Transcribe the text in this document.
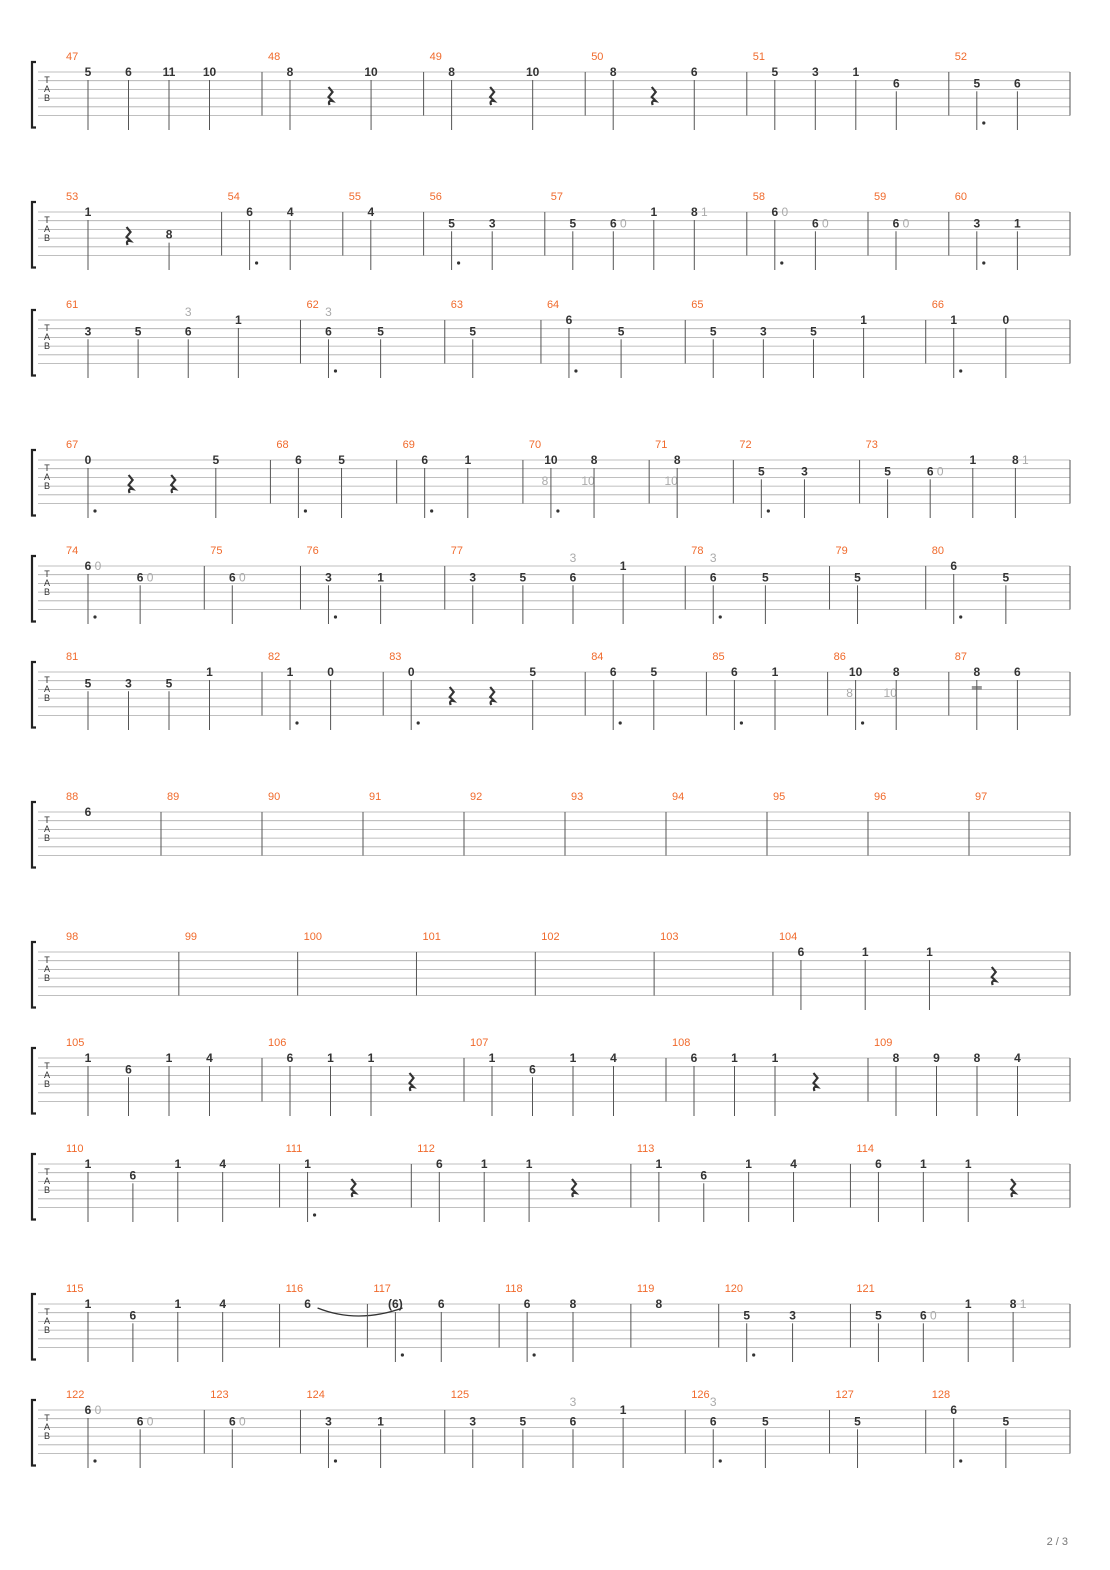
T
A
B
47
5	6	11 10
48
8	10
49
8	10
50
8	6
51
5	3	1
6
52
5	6
T
A
B
53
1
8
54
6	4
55
4
56
5	3
57
5	6 0
1	8 1
58
6 0
6 0
59
6 0
60
3	1
T
A
B
61
3	5
3
6
1
62 3
6	5
63
5
64
6
5
65
5	3	5
1
66
1	0
T
A
B
67
0	5
68
6	5
69
6	1
70
10
8
8
10
71
8
10
72
5	3
73
5	6 0
1	8 1
T
A
B
74
6 0
6 0
75
6 0
76
3	1
77
3	5
3
6
1
78 3
6	5
79
5
80
6
5
T
A
B
81
5	3	5
1
82
1	0
83
0	5
84
6	5
85
6	1
86
10
8
8
10
87
8	6
T
A
B
88
6
89	90	91	92	93	94	95	96	97
T
A
B
98	99	100	101	102	103	104
6	1	1
T
A
B
105
1
6
1	4
106
6	1	1
107
1
6
1	4
108
6	1	1
109
8	9	8	4
T
A
B
110
1
6
1	4
111
1
112
6	1	1
113
1
6
1	4
114
6	1	1
T
A
B
115
1
6
1	4
116
6
117
(6)	6
118
6	8
119
8
120
5	3
121
5	6 0
1	8 1
T
A
B
122
6 0
6 0
123
6 0
124
3	1
125
3	5
3
6
1
126 3
6	5
127
5
128
6
5
2 / 3
